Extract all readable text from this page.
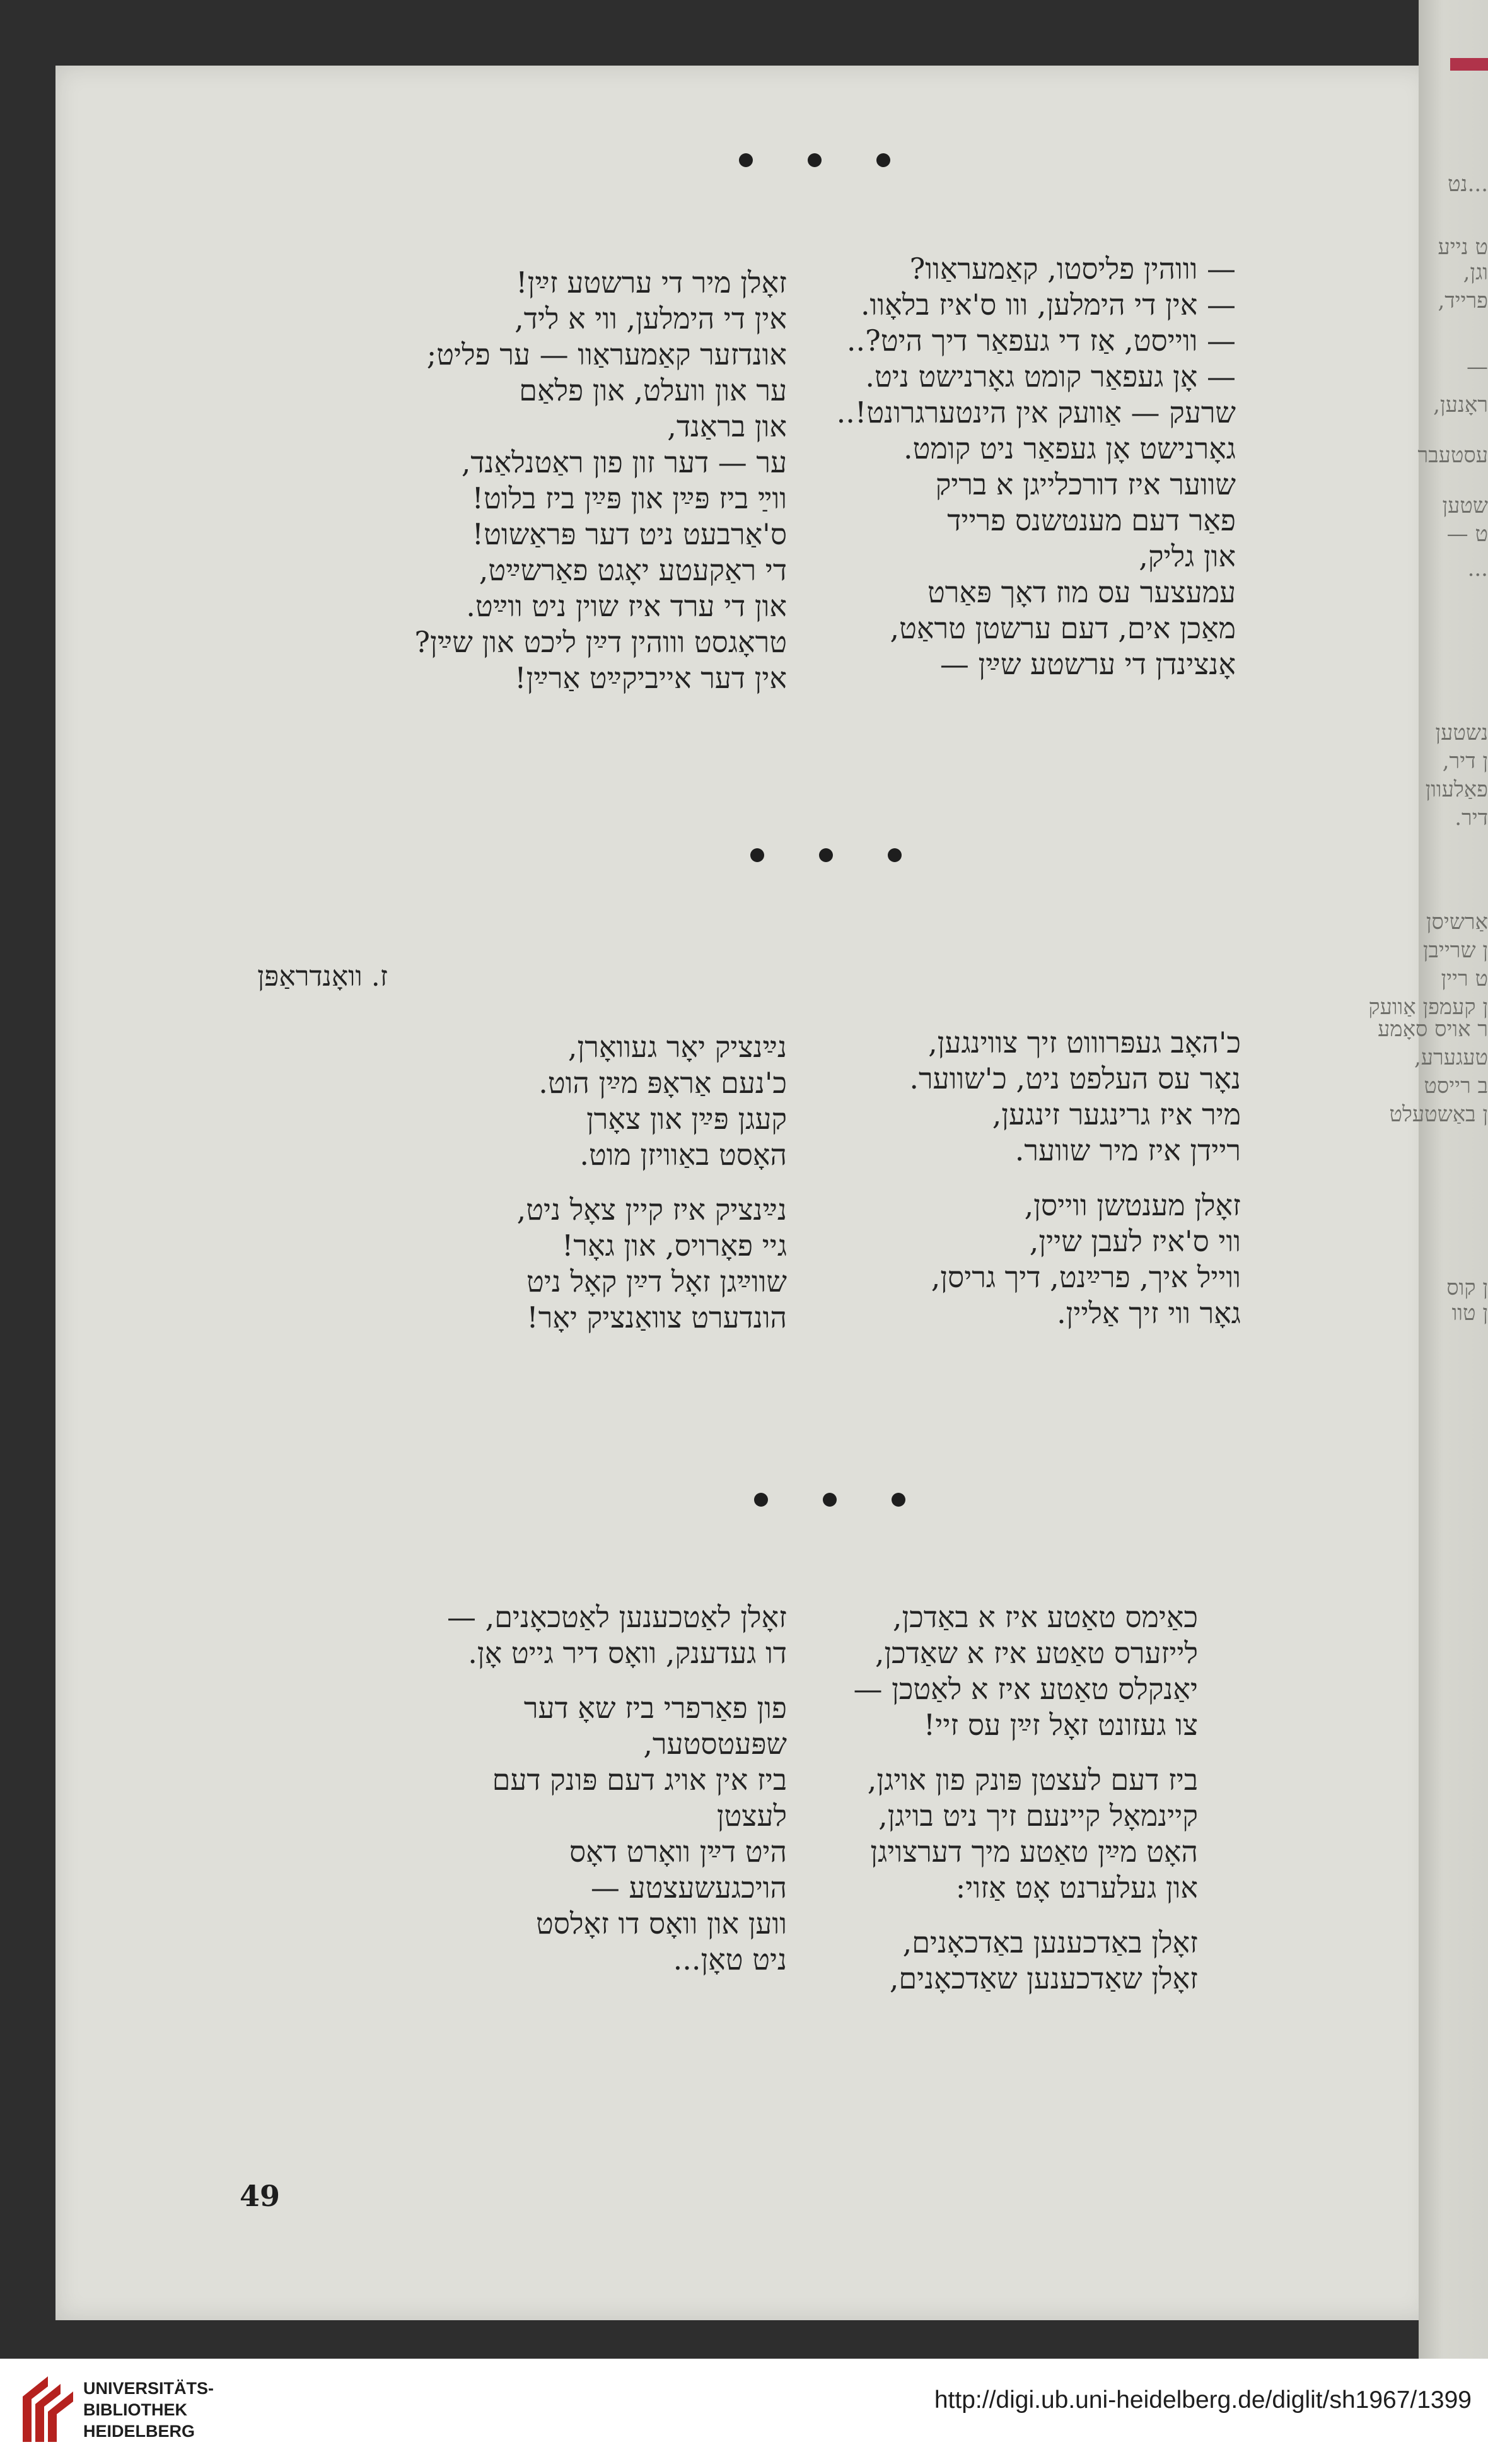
...נט
ט נייע
וגן,
פרייד,
—
ראָנען,
עסטעבר
שטען
ט —
...
נשטען
ן דיר,
פאַלעוון
דיר.
אַרשיסן
ן שרייבן
ט ריין
ן קעמפן אַוועק
ר אויס סאָמע
טעגערע,
ב רייסט
ן באַשטעלט
ן קוס
ן טוו
— וווהין פליסטו, קאַמעראַוו?
— אין די הימלען, ווו ס'איז בלאָוו.
— ווייסט, אַז די געפאַר דיך היט?..
— אָן געפאַר קומט גאָרנישט ניט.
שרעק — אַוועק אין הינטערגרונט!..
גאָרנישט אָן געפאַר ניט קומט.
שווער איז דורכלייגן א בריק
פאַר דעם מענטשנס פרייד
און גליק,
עמעצער עס מוז דאָך פּאַרט
מאַכן אים, דעם ערשטן טראַט,
אָנצינדן די ערשטע שײַן —
זאָלן מיר די ערשטע זײַן!
אין די הימלען, ווי א ליד,
אונדזער קאַמעראַוו — ער פליט;
ער און וועלט, און פלאַם
און בראַנד,
ער — דער זון פון ראַטנלאַנד,
ווײַ ביז פּײַן און פּײַן ביז בלוט!
ס'אַרבעט ניט דער פּראַשוט!
די ראַקעטע יאָגט פאַרשײַט,
און די ערד איז שוין ניט ווײַט.
טראָגסט וווהין דײַן ליכט און שײַן?
אין דער אייביקײַט אַרײַן!
ז. וואָנדראַפּן
כ'האָב געפּרוווט זיך צווינגען,
נאָר עס העלפט ניט, כ'שווער.
מיר איז גרינגער זינגען,
ריידן איז מיר שווער.
זאָלן מענטשן ווייסן,
ווי ס'איז לעבן שיין,
ווייל איך, פרײַנט, דיך גריסן,
גאָר ווי זיך אַליין.
נײַנציק יאָר געוואָרן,
כ'נעם אַראָפּ מײַן הוט.
קעגן פּײַן און צאָרן
האָסט באַוויזן מוט.
נײַנציק איז קיין צאָל ניט,
גיי פאָרויס, און גאָר!
שווײַגן זאָל דײַן קאָל ניט
הונדערט צוואַנציק יאָר!
כאַימס טאַטע איז א באַדכן,
לייזערס טאַטע איז א שאַדכן,
יאַנקלס טאַטע איז א לאַטכן —
צו געזונט זאָל זײַן עס זיי!
ביז דעם לעצטן פּונק פון אויגן,
קיינמאָל קיינעם זיך ניט בויגן,
האָט מײַן טאַטע מיך דערצויגן
און געלערנט אָט אַזוי:
זאָלן באַדכענען באַדכאָנים,
זאָלן שאַדכענען שאַדכאָנים,
זאָלן לאַטכענען לאַטכאָנים, —
דו געדענק, וואָס דיר גייט אָן.
פון פאַרפרי ביז שאָ דער
שפּעטסטער,
ביז אין אויג דעם פּונק דעם
לעצטן
היט דײַן וואָרט דאָס
הויכגעשעצטע —
ווען און וואָס דו זאָלסט
ניט טאָן...
49
UNIVERSITÄTS-
BIBLIOTHEK
HEIDELBERG
http://digi.ub.uni-heidelberg.de/diglit/sh1967/1399
